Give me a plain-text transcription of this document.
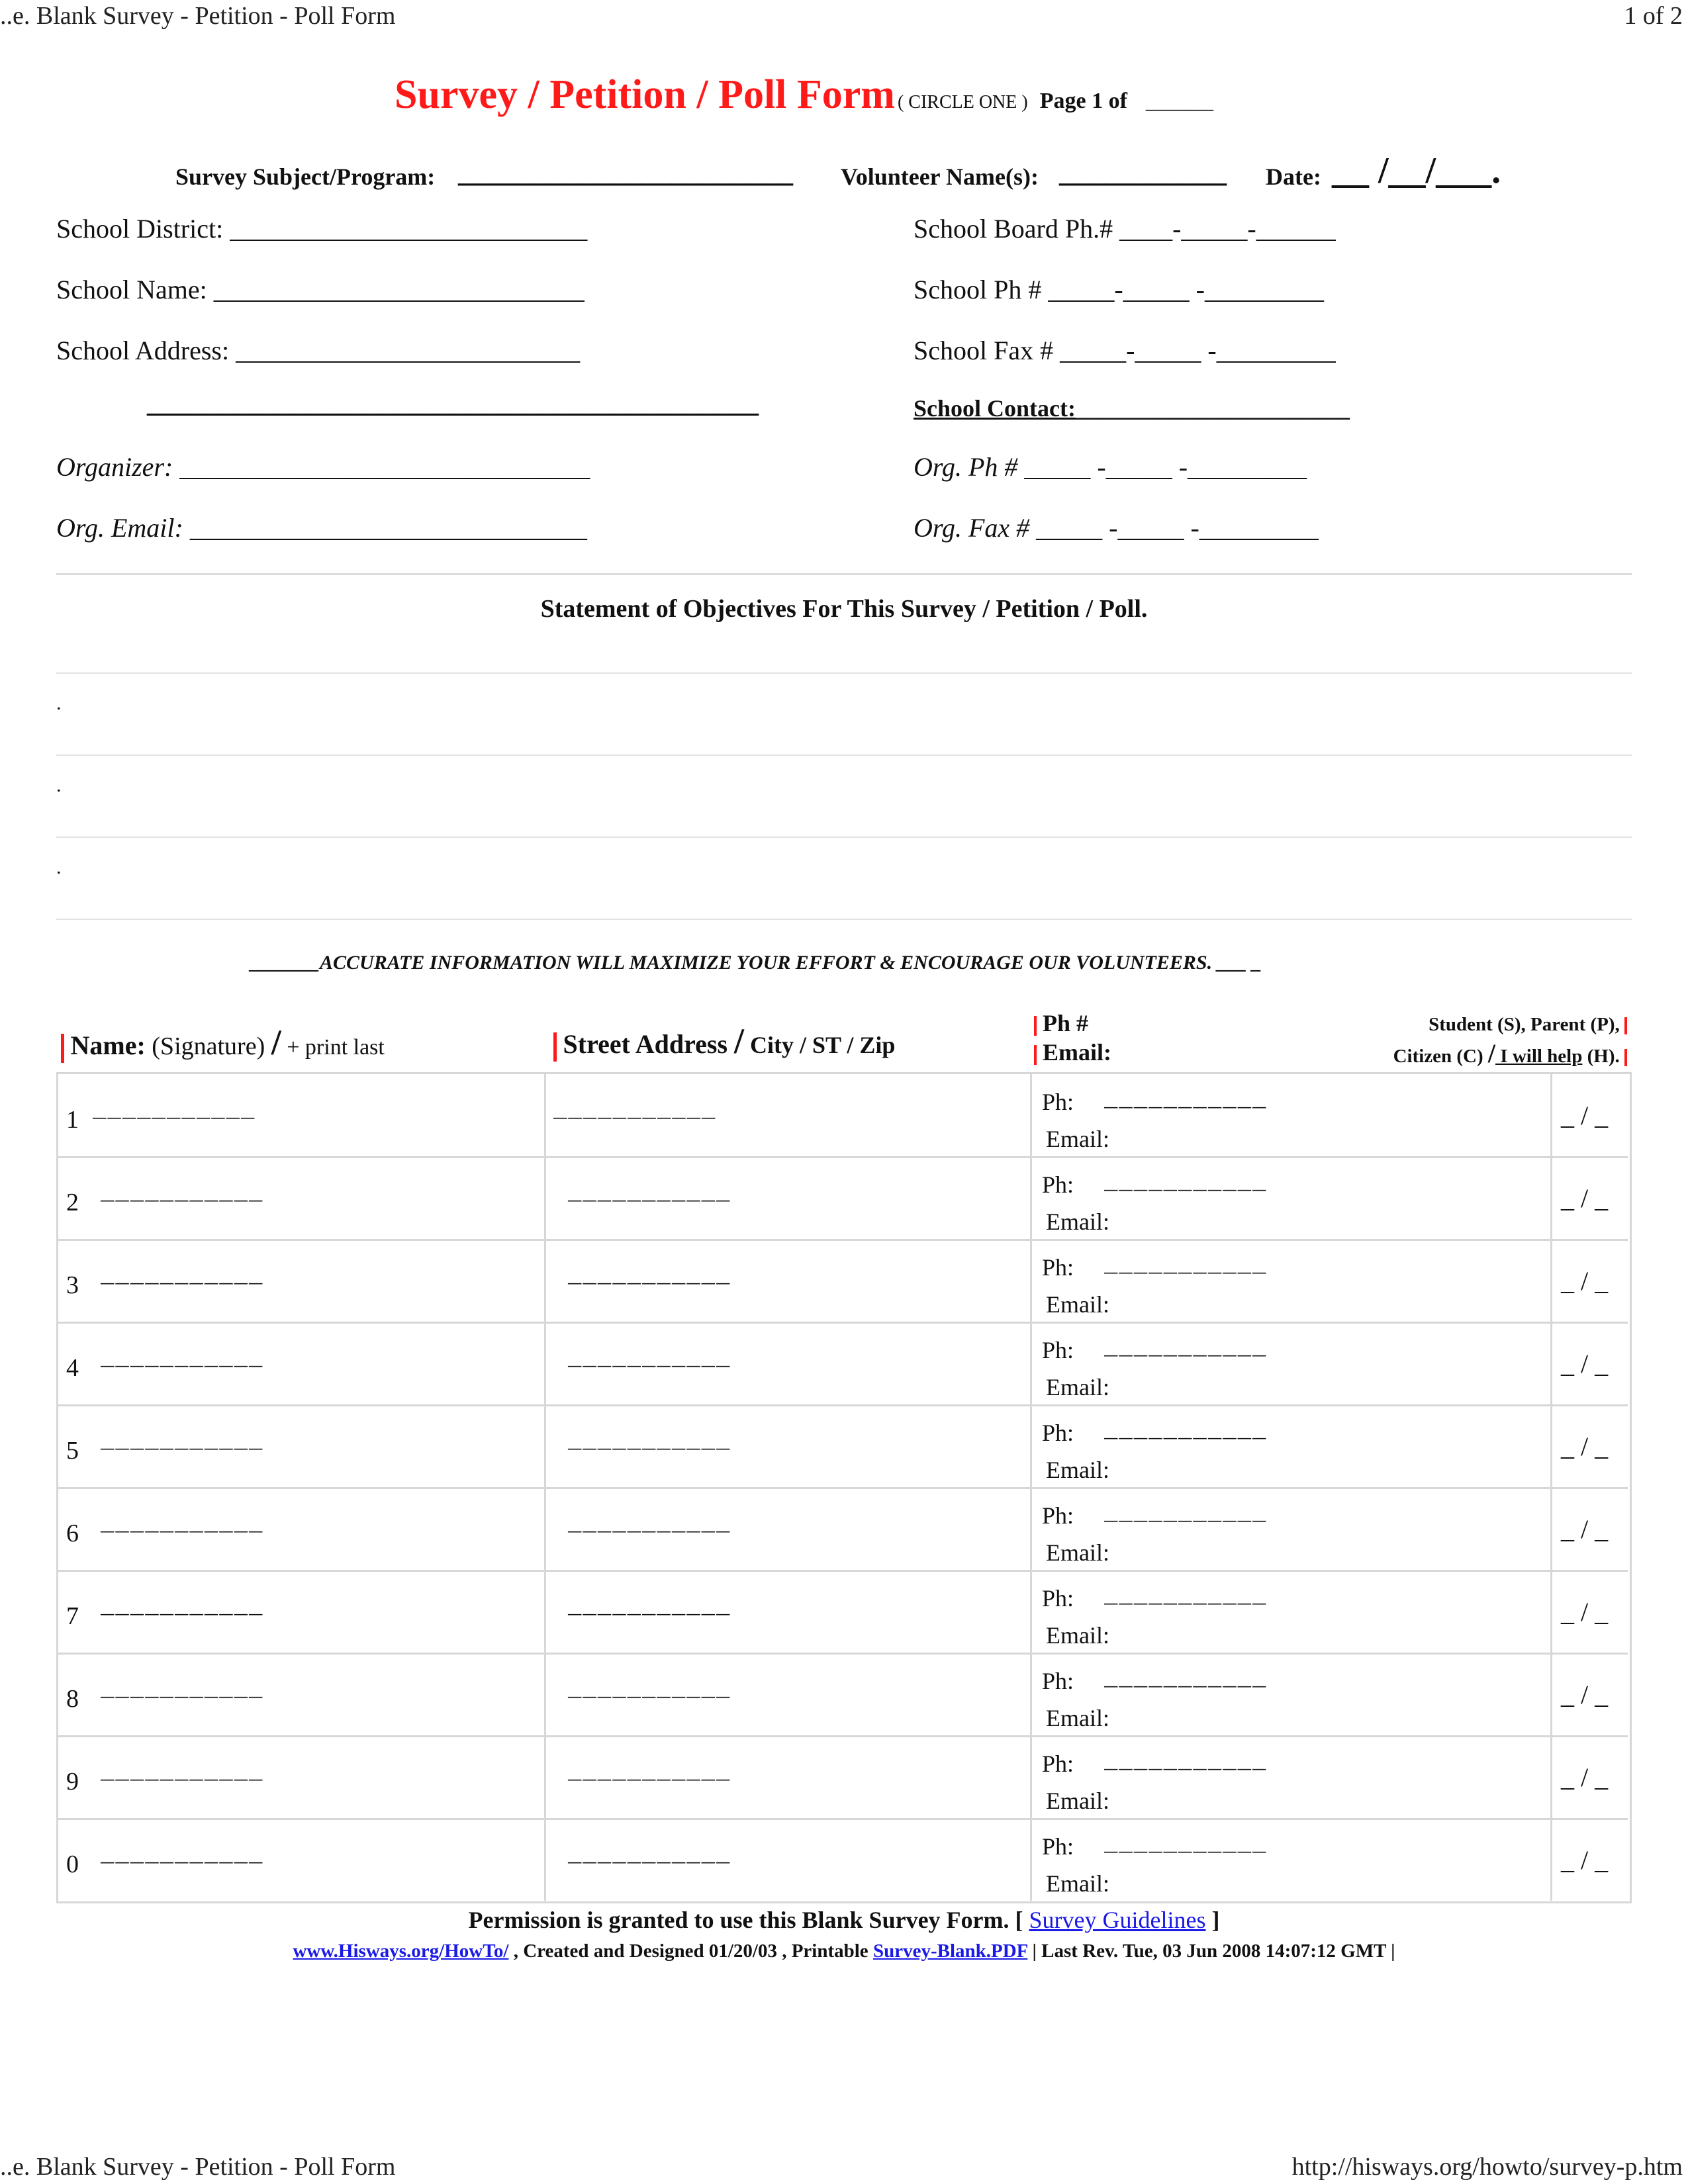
..e. Blank Survey - Petition - Poll Form	1 of 2
Survey / Petition / Poll Form ( CIRCLE ONE ) Page 1 of ______
Survey Subject/Program: ______________________ Volunteer Name(s): ___________ Date: __ /__/___.
School District: ___________________________
School Name: ____________________________
School Address: __________________________
__________________________________________
Organizer: _______________________________
Org. Email: ______________________________
School Board Ph.# ____-_____-______
School Ph # _____-_____ -_________
School Fax # _____-_____ -_________
School Contact:_______________________
Org. Ph # _____ -_____ -_________
Org. Fax # _____ -_____ -_________
Statement of Objectives For This Survey / Petition / Poll.
.
.
.
_______ACCURATE INFORMATION WILL MAXIMIZE YOUR EFFORT & ENCOURAGE OUR VOLUNTEERS. ___ _
Name: (Signature) / + print last	Street Address / City / ST / Zip
Ph #
Email:
Student (S), Parent (P),
Citizen (C) / I will help (H).
1 ___________	___________	Ph: ___________
Email:
_ / _
2 ___________	___________	Ph: ___________
Email:
_ / _
3 ___________	___________	Ph: ___________
Email:
_ / _
4 ___________	___________	Ph: ___________
Email:
_ / _
5 ___________	___________	Ph: ___________
Email:
_ / _
6 ___________	___________	Ph: ___________
Email:
_ / _
7 ___________	___________	Ph: ___________
Email:
_ / _
8 ___________	___________	Ph: ___________
Email:
_ / _
9 ___________	___________	Ph: ___________
Email:
_ / _
0 ___________	___________	Ph: ___________
Email:
_ / _
Permission is granted to use this Blank Survey Form. [ Survey Guidelines ]
www.Hisways.org/HowTo/ , Created and Designed 01/20/03 , Printable Survey-Blank.PDF | Last Rev. Tue, 03 Jun 2008 14:07:12 GMT |
..e. Blank Survey - Petition - Poll Form	http://hisways.org/howto/survey-p.htm
